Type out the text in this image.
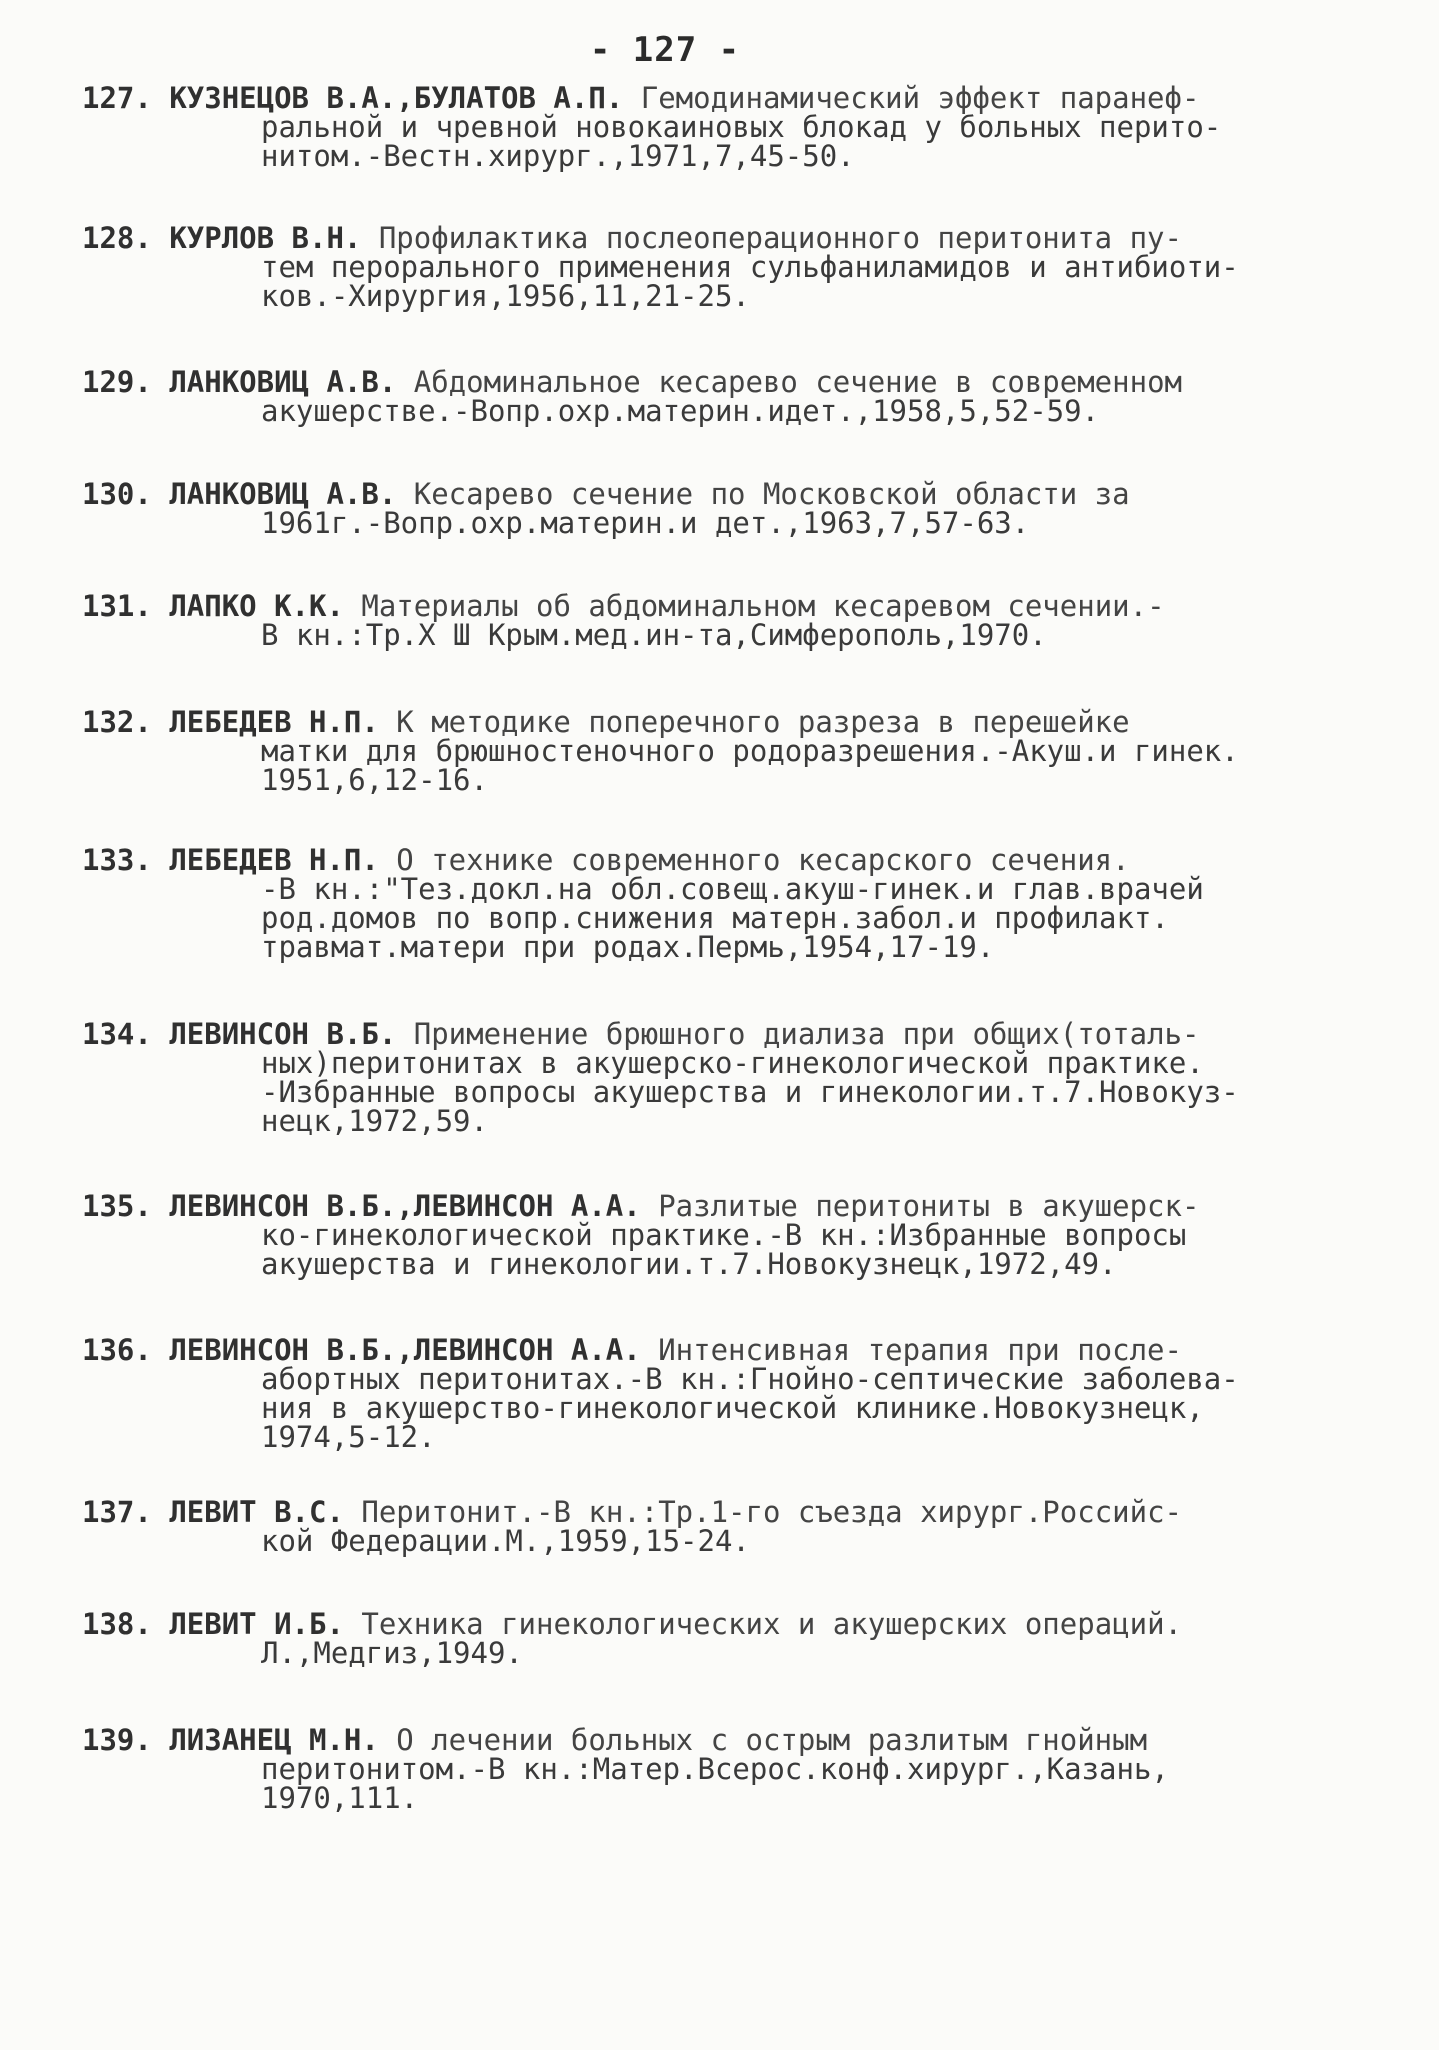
- 127 -
127. КУЗНЕЦОВ В.А.,БУЛАТОВ А.П. Гемодинамический эффект паранеф-
ральной и чревной новокаиновых блокад у больных перито-
нитом.-Вестн.хирург.,1971,7,45-50.
128. КУРЛОВ В.Н. Профилактика послеоперационного перитонита пу-
тем перорального применения сульфаниламидов и антибиоти-
ков.-Хирургия,1956,11,21-25.
129. ЛАНКОВИЦ А.В. Абдоминальное кесарево сечение в современном
акушерстве.-Вопр.охр.материн.идет.,1958,5,52-59.
130. ЛАНКОВИЦ А.В. Кесарево сечение по Московской области за
1961г.-Вопр.охр.материн.и дет.,1963,7,57-63.
131. ЛАПКО К.К. Материалы об абдоминальном кесаревом сечении.-
В кн.:Тр.Х Ш Крым.мед.ин-та,Симферополь,1970.
132. ЛЕБЕДЕВ Н.П. К методике поперечного разреза в перешейке
матки для брюшностеночного родоразрешения.-Акуш.и гинек.
1951,6,12-16.
133. ЛЕБЕДЕВ Н.П. О технике современного кесарского сечения.
-В кн.:"Тез.докл.на обл.совещ.акуш-гинек.и глав.врачей
род.домов по вопр.снижения матерн.забол.и профилакт.
травмат.матери при родах.Пермь,1954,17-19.
134. ЛЕВИНСОН В.Б. Применение брюшного диализа при общих(тоталь-
ных)перитонитах в акушерско-гинекологической практике.
-Избранные вопросы акушерства и гинекологии.т.7.Новокуз-
нецк,1972,59.
135. ЛЕВИНСОН В.Б.,ЛЕВИНСОН А.А. Разлитые перитониты в акушерск-
ко-гинекологической практике.-В кн.:Избранные вопросы
акушерства и гинекологии.т.7.Новокузнецк,1972,49.
136. ЛЕВИНСОН В.Б.,ЛЕВИНСОН А.А. Интенсивная терапия при после-
абортных перитонитах.-В кн.:Гнойно-септические заболева-
ния в акушерство-гинекологической клинике.Новокузнецк,
1974,5-12.
137. ЛЕВИТ В.С. Перитонит.-В кн.:Тр.1-го съезда хирург.Российс-
кой Федерации.М.,1959,15-24.
138. ЛЕВИТ И.Б. Техника гинекологических и акушерских операций.
Л.,Медгиз,1949.
139. ЛИЗАНЕЦ М.Н. О лечении больных с острым разлитым гнойным
перитонитом.-В кн.:Матер.Всерос.конф.хирург.,Казань,
1970,111.
